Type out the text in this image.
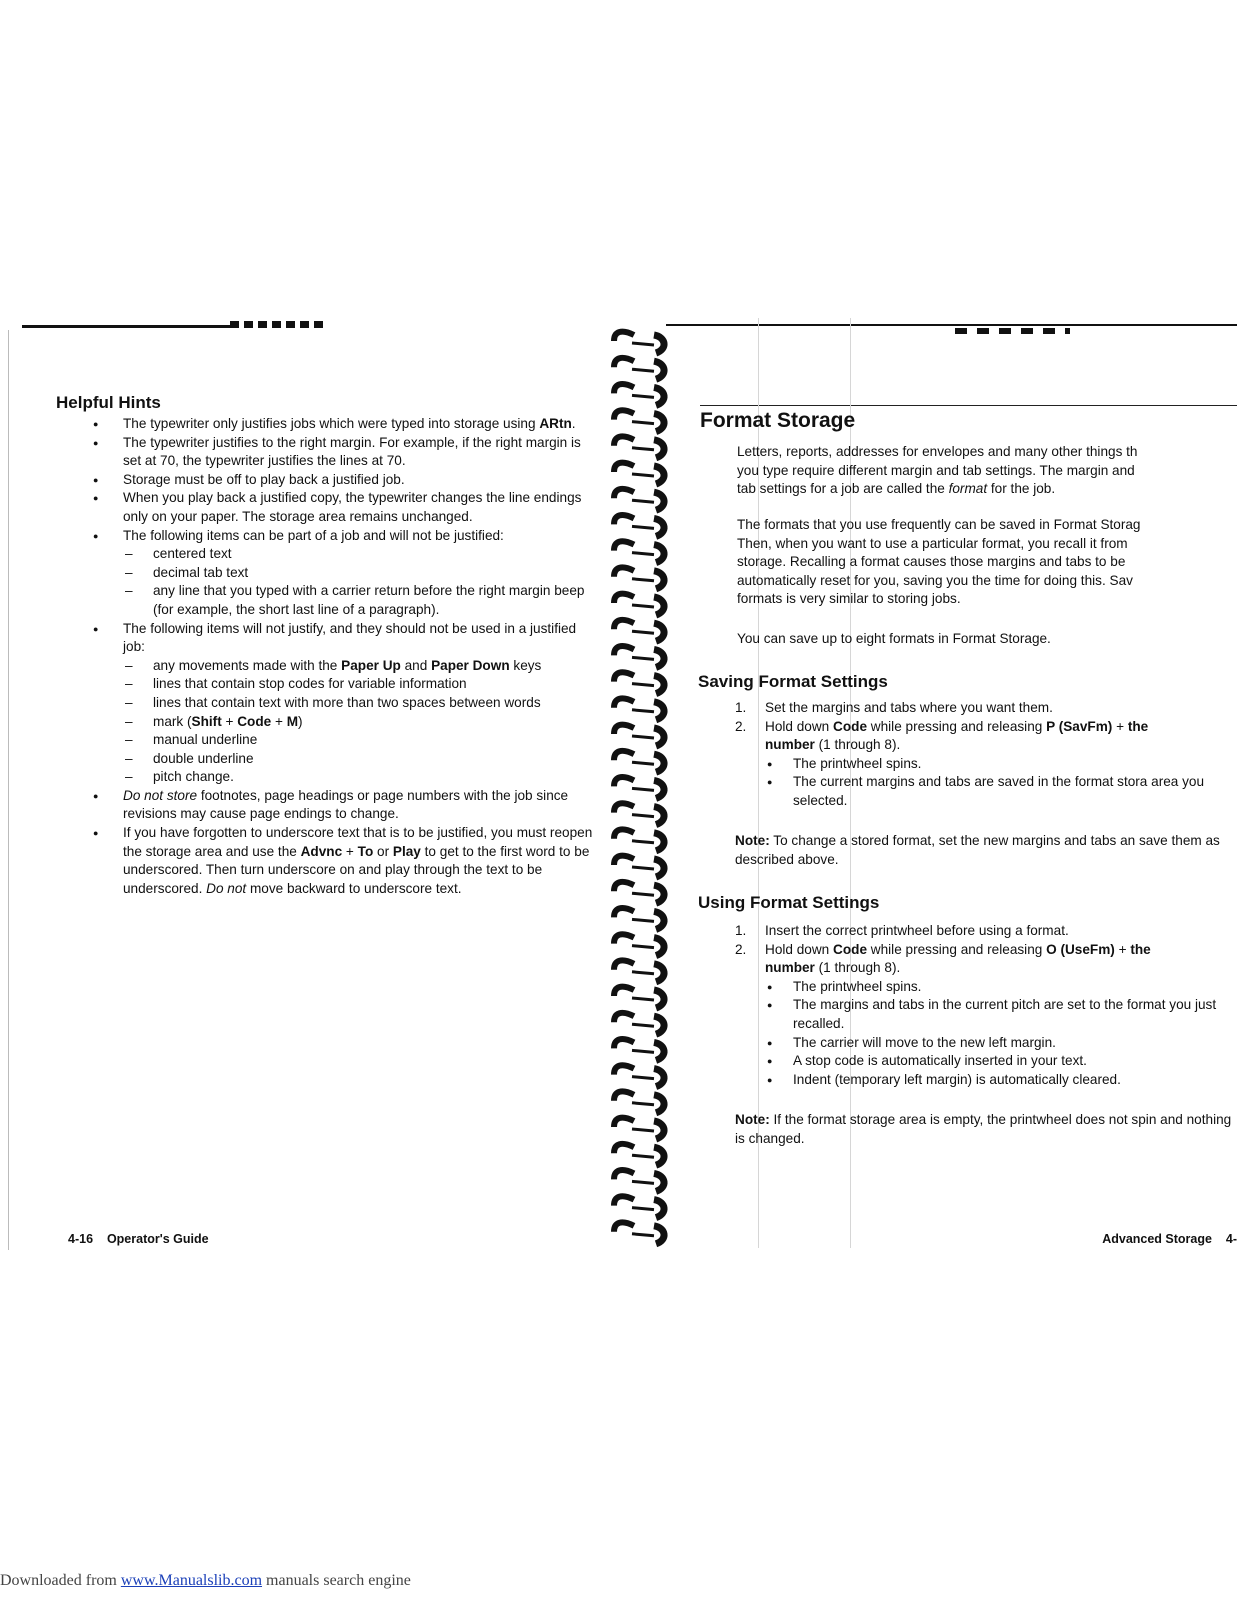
Helpful Hints
● The typewriter only justifies jobs which were typed into storage using ARtn.
● The typewriter justifies to the right margin. For example, if the right margin is set at 70, the typewriter justifies the lines at 70.
● Storage must be off to play back a justified job.
● When you play back a justified copy, the typewriter changes the line endings only on your paper. The storage area remains unchanged.
● The following items can be part of a job and will not be justified:
– centered text
– decimal tab text
– any line that you typed with a carrier return before the right margin beep (for example, the short last line of a paragraph).
● The following items will not justify, and they should not be used in a justified job:
– any movements made with the Paper Up and Paper Down keys
– lines that contain stop codes for variable information
– lines that contain text with more than two spaces between words
– mark (Shift + Code + M)
– manual underline
– double underline
– pitch change.
● Do not store footnotes, page headings or page numbers with the job since revisions may cause page endings to change.
● If you have forgotten to underscore text that is to be justified, you must reopen the storage area and use the Advnc + To or Play to get to the first word to be underscored. Then turn underscore on and play through the text to be underscored. Do not move backward to underscore text.
4-16 Operator's Guide
Format Storage
Letters, reports, addresses for envelopes and many other things th
you type require different margin and tab settings. The margin and
tab settings for a job are called the format for the job.
The formats that you use frequently can be saved in Format Storag
Then, when you want to use a particular format, you recall it from
storage. Recalling a format causes those margins and tabs to be
automatically reset for you, saving you the time for doing this. Sav
formats is very similar to storing jobs.
You can save up to eight formats in Format Storage.
Saving Format Settings
1. Set the margins and tabs where you want them.
2. Hold down Code while pressing and releasing P (SavFm) + the
number (1 through 8).
● The printwheel spins.
● The current margins and tabs are saved in the format stora area you selected.
Note: To change a stored format, set the new margins and tabs an save them as described above.
Using Format Settings
1. Insert the correct printwheel before using a format.
2. Hold down Code while pressing and releasing O (UseFm) + the
number (1 through 8).
● The printwheel spins.
● The margins and tabs in the current pitch are set to the format you just recalled.
● The carrier will move to the new left margin.
● A stop code is automatically inserted in your text.
● Indent (temporary left margin) is automatically cleared.
Note: If the format storage area is empty, the printwheel does not spin and nothing is changed.
Advanced Storage 4-
Downloaded from www.Manualslib.com manuals search engine
